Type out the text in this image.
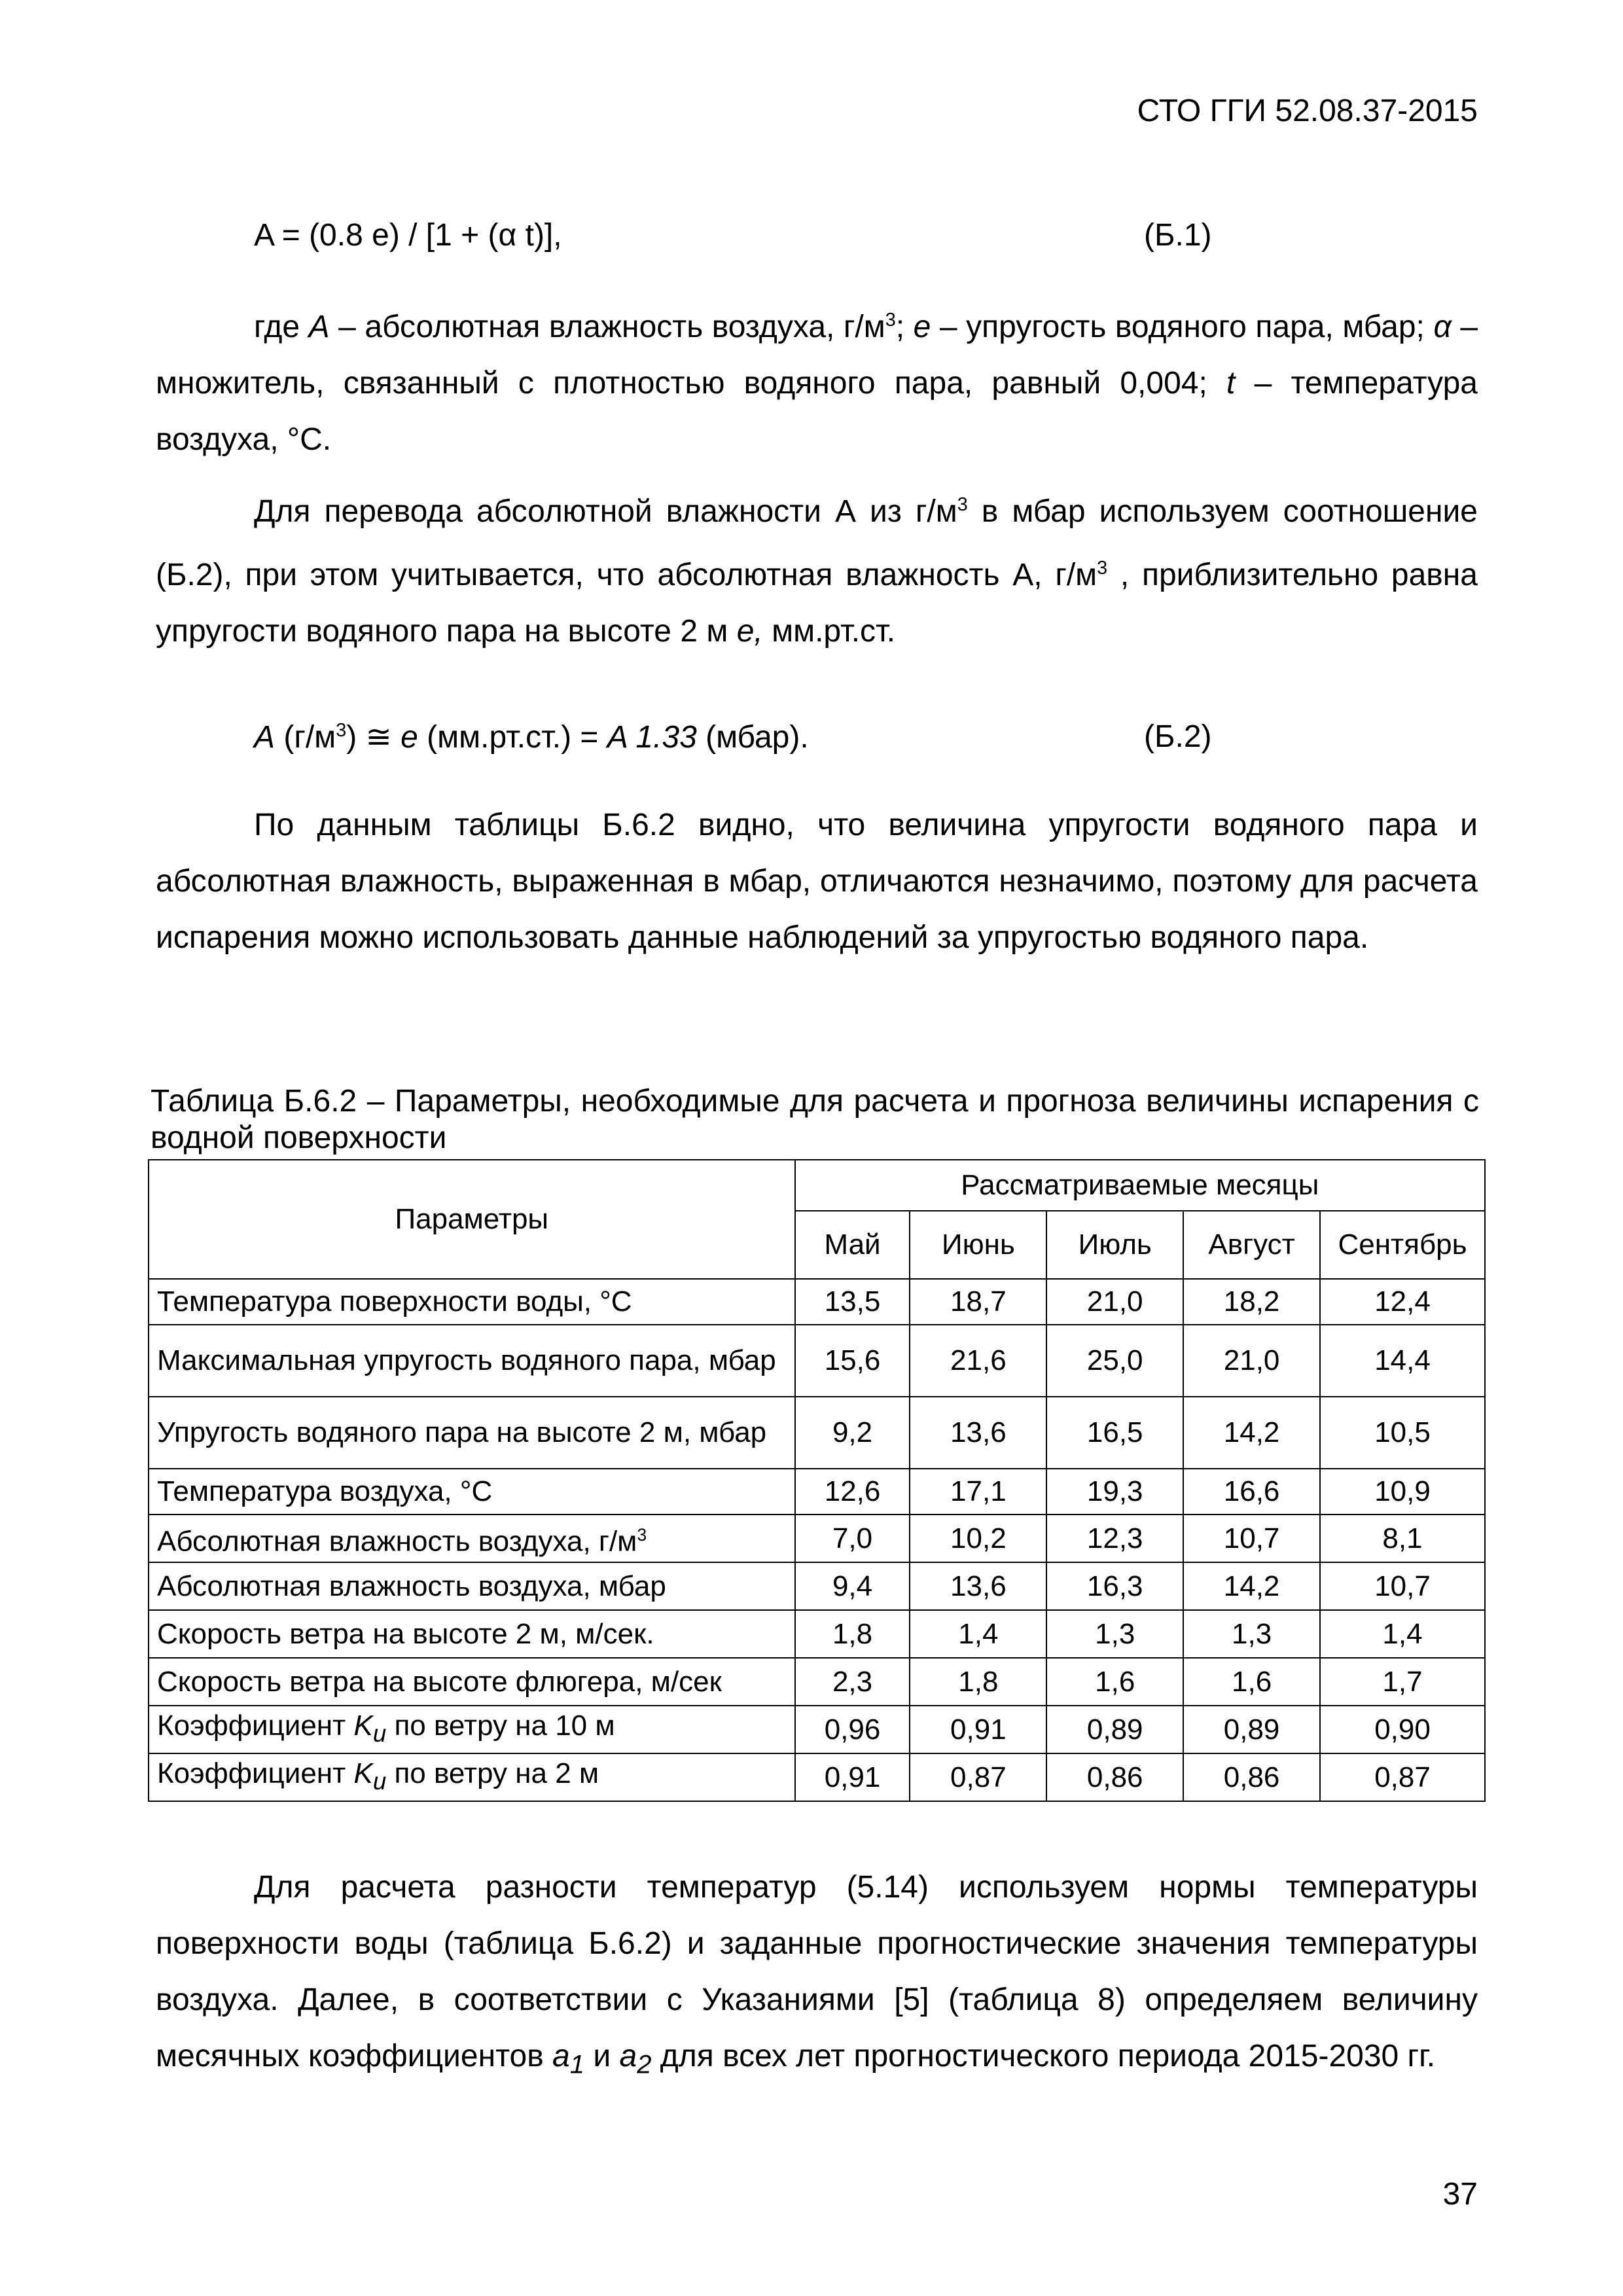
СТО ГГИ 52.08.37-2015
A = (0.8 e) / [1 + (α t)],	(Б.1)

где A – абсолютная влажность воздуха, $г/м^3$; e – упругость водяного пара, мбар; α – множитель, связанный с плотностью водяного пара, равный 0,004; t – температура воздуха, °С.

Для перевода абсолютной влажности А из $г/м^3$ в мбар используем соотношение (Б.2), при этом учитывается, что абсолютная влажность А, $г/м^3$ , приблизительно равна упругости водяного пара на высоте 2 м e, мм.рт.ст.

A $(г/м^3)$ ≅ e (мм.рт.ст.) = A 1.33 (мбар).	(Б.2)

По данным таблицы Б.6.2 видно, что величина упругости водяного пара и абсолютная влажность, выраженная в мбар, отличаются незначимо, поэтому для расчета испарения можно использовать данные наблюдений за упругостью водяного пара.

Таблица Б.6.2 – Параметры, необходимые для расчета и прогноза величины испарения с водной поверхности

Параметры	Рассматриваемые месяцы				
	Май	Июнь	Июль	Август	Сентябрь
Температура поверхности воды, °С	13,5	18,7	21,0	18,2	12,4
Максимальная упругость водяного пара, мбар	15,6	21,6	25,0	21,0	14,4
Упругость водяного пара на высоте 2 м, мбар	9,2	13,6	16,5	14,2	10,5
Температура воздуха, °С	12,6	17,1	19,3	16,6	10,9
Абсолютная влажность воздуха, $г/м^3$	7,0	10,2	12,3	10,7	8,1
Абсолютная влажность воздуха, мбар	9,4	13,6	16,3	14,2	10,7
Скорость ветра на высоте 2 м, м/сек.	1,8	1,4	1,3	1,3	1,4
Скорость ветра на высоте флюгера, м/сек	2,3	1,8	1,6	1,6	1,7
Коэффициент $K_u$ по ветру на 10 м	0,96	0,91	0,89	0,89	0,90
Коэффициент $K_u$ по ветру на 2 м	0,91	0,87	0,86	0,86	0,87

Для расчета разности температур (5.14) используем нормы температуры поверхности воды (таблица Б.6.2) и заданные прогностические значения температуры воздуха. Далее, в соответствии с Указаниями [5] (таблица 8) определяем величину месячных коэффициентов $a_1$ и $a_2$ для всех лет прогностического периода 2015-2030 гг.

37
